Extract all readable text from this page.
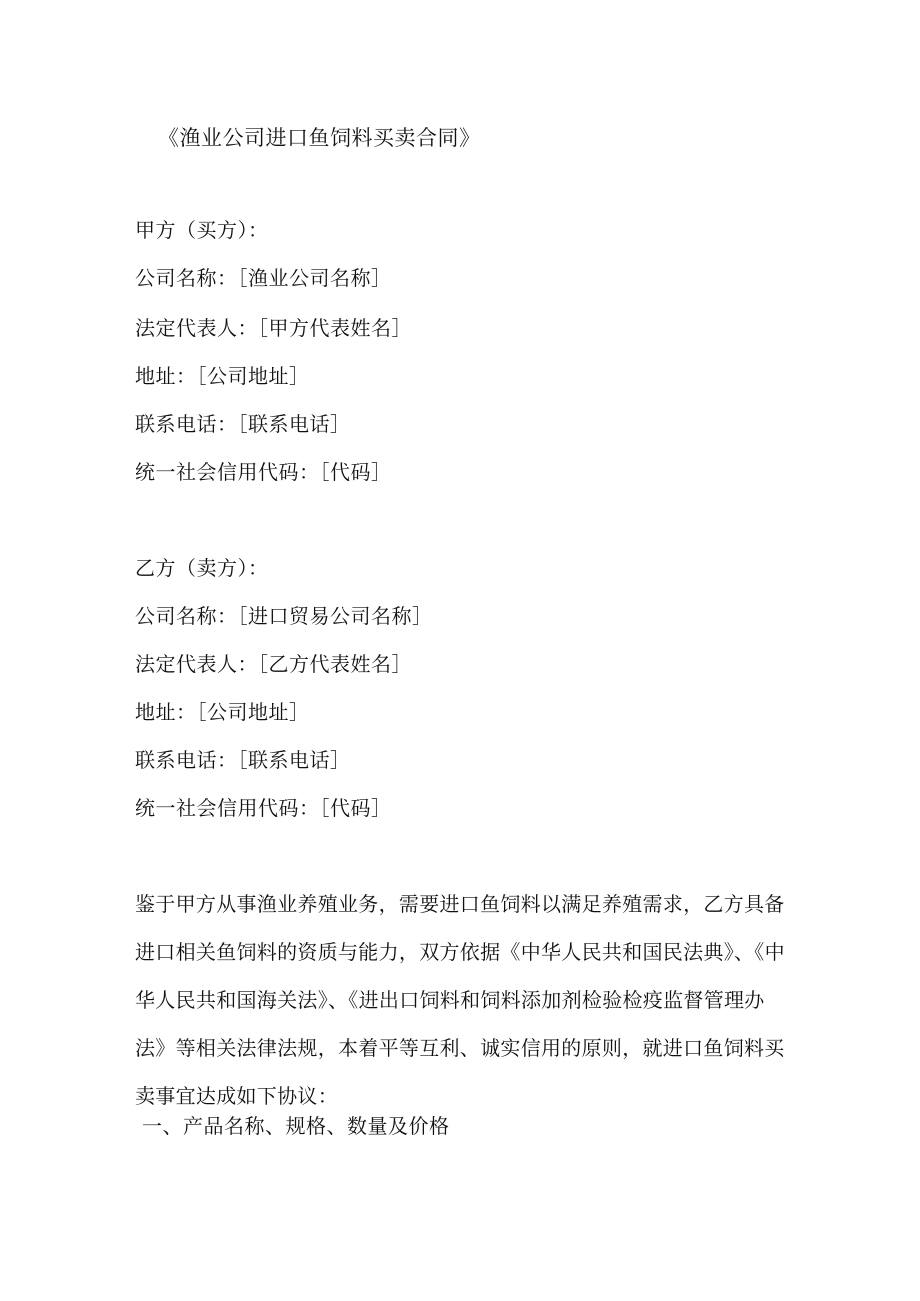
《渔业公司进口鱼饲料买卖合同》
甲方（买方）：
公司名称：［渔业公司名称］
法定代表人：［甲方代表姓名］
地址：［公司地址］
联系电话：［联系电话］
统一社会信用代码：［代码］
乙方（卖方）：
公司名称：［进口贸易公司名称］
法定代表人：［乙方代表姓名］
地址：［公司地址］
联系电话：［联系电话］
统一社会信用代码：［代码］
鉴于甲方从事渔业养殖业务，需要进口鱼饲料以满足养殖需求，乙方具备
进口相关鱼饲料的资质与能力，双方依据《中华人民共和国民法典》、《中
华人民共和国海关法》、《进出口饲料和饲料添加剂检验检疫监督管理办
法》等相关法律法规，本着平等互利、诚实信用的原则，就进口鱼饲料买
卖事宜达成如下协议：
一、产品名称、规格、数量及价格
